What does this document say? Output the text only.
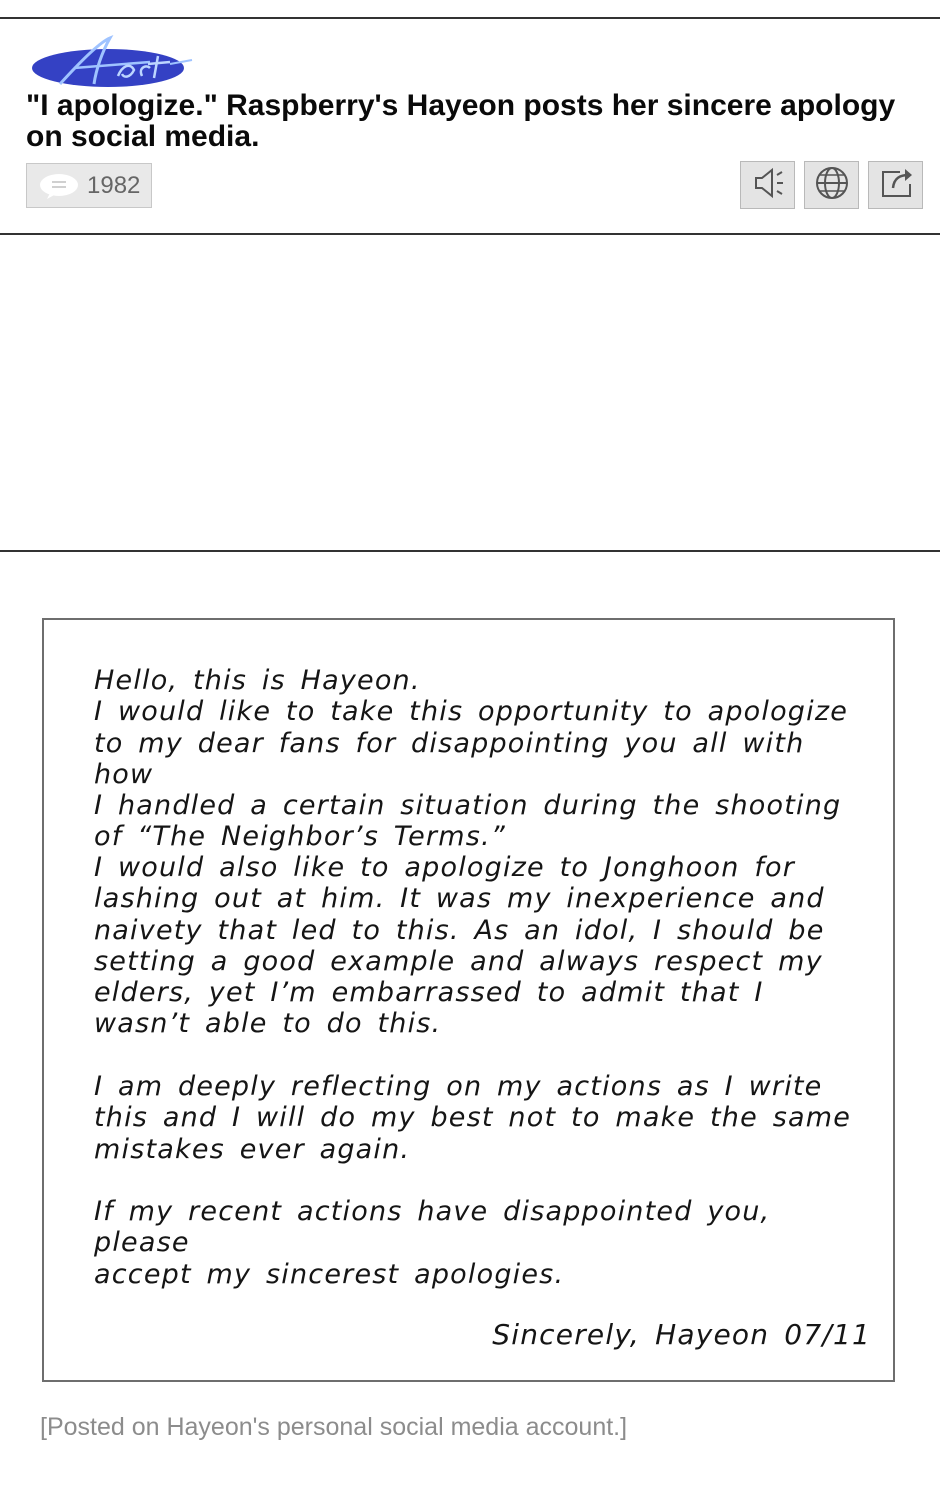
"I apologize." Raspberry's Hayeon posts her sincere apology on social media.
1982

Hello, this is Hayeon.
I would like to take this opportunity to apologize
to my dear fans for disappointing you all with how
I handled a certain situation during the shooting
of “The Neighbor’s Terms.”

I would also like to apologize to Jonghoon for
lashing out at him. It was my inexperience and
naivety that led to this. As an idol, I should be
setting a good example and always respect my
elders, yet I’m embarrassed to admit that I
wasn’t able to do this.

I am deeply reflecting on my actions as I write
this and I will do my best not to make the same
mistakes ever again.

If my recent actions have disappointed you, please
accept my sincerest apologies.

Sincerely, Hayeon 07/11

[Posted on Hayeon's personal social media account.]
